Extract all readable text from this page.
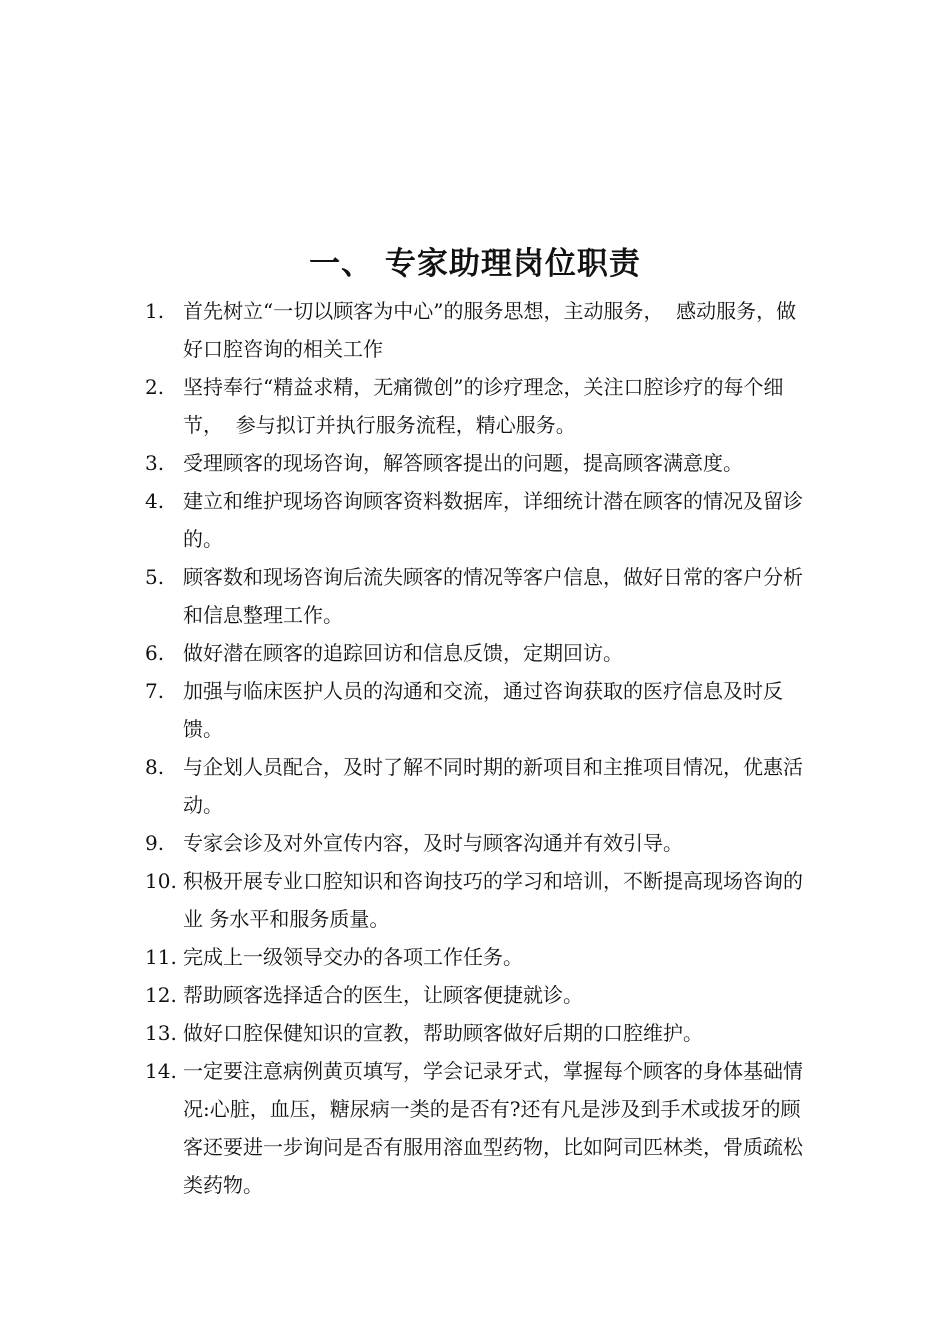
一、 专家助理岗位职责
1. 首先树立“一切以顾客为中心”的服务思想，主动服务，  感动服务，做好口腔咨询的相关工作
2. 坚持奉行“精益求精，无痛微创”的诊疗理念，关注口腔诊疗的每个细节，  参与拟订并执行服务流程，精心服务。
3. 受理顾客的现场咨询，解答顾客提出的问题，提高顾客满意度。
4. 建立和维护现场咨询顾客资料数据库，详细统计潜在顾客的情况及留诊的。
5. 顾客数和现场咨询后流失顾客的情况等客户信息，做好日常的客户分析和信息整理工作。
6. 做好潜在顾客的追踪回访和信息反馈，定期回访。
7. 加强与临床医护人员的沟通和交流，通过咨询获取的医疗信息及时反馈。
8. 与企划人员配合，及时了解不同时期的新项目和主推项目情况，优惠活动。
9. 专家会诊及对外宣传内容，及时与顾客沟通并有效引导。
10. 积极开展专业口腔知识和咨询技巧的学习和培训，不断提高现场咨询的业 务水平和服务质量。
11. 完成上一级领导交办的各项工作任务。
12. 帮助顾客选择适合的医生，让顾客便捷就诊。
13. 做好口腔保健知识的宣教，帮助顾客做好后期的口腔维护。
14. 一定要注意病例黄页填写，学会记录牙式，掌握每个顾客的身体基础情况:心脏，血压，糖尿病一类的是否有?还有凡是涉及到手术或拔牙的顾客还要进一步询问是否有服用溶血型药物，比如阿司匹林类，骨质疏松类药物。
